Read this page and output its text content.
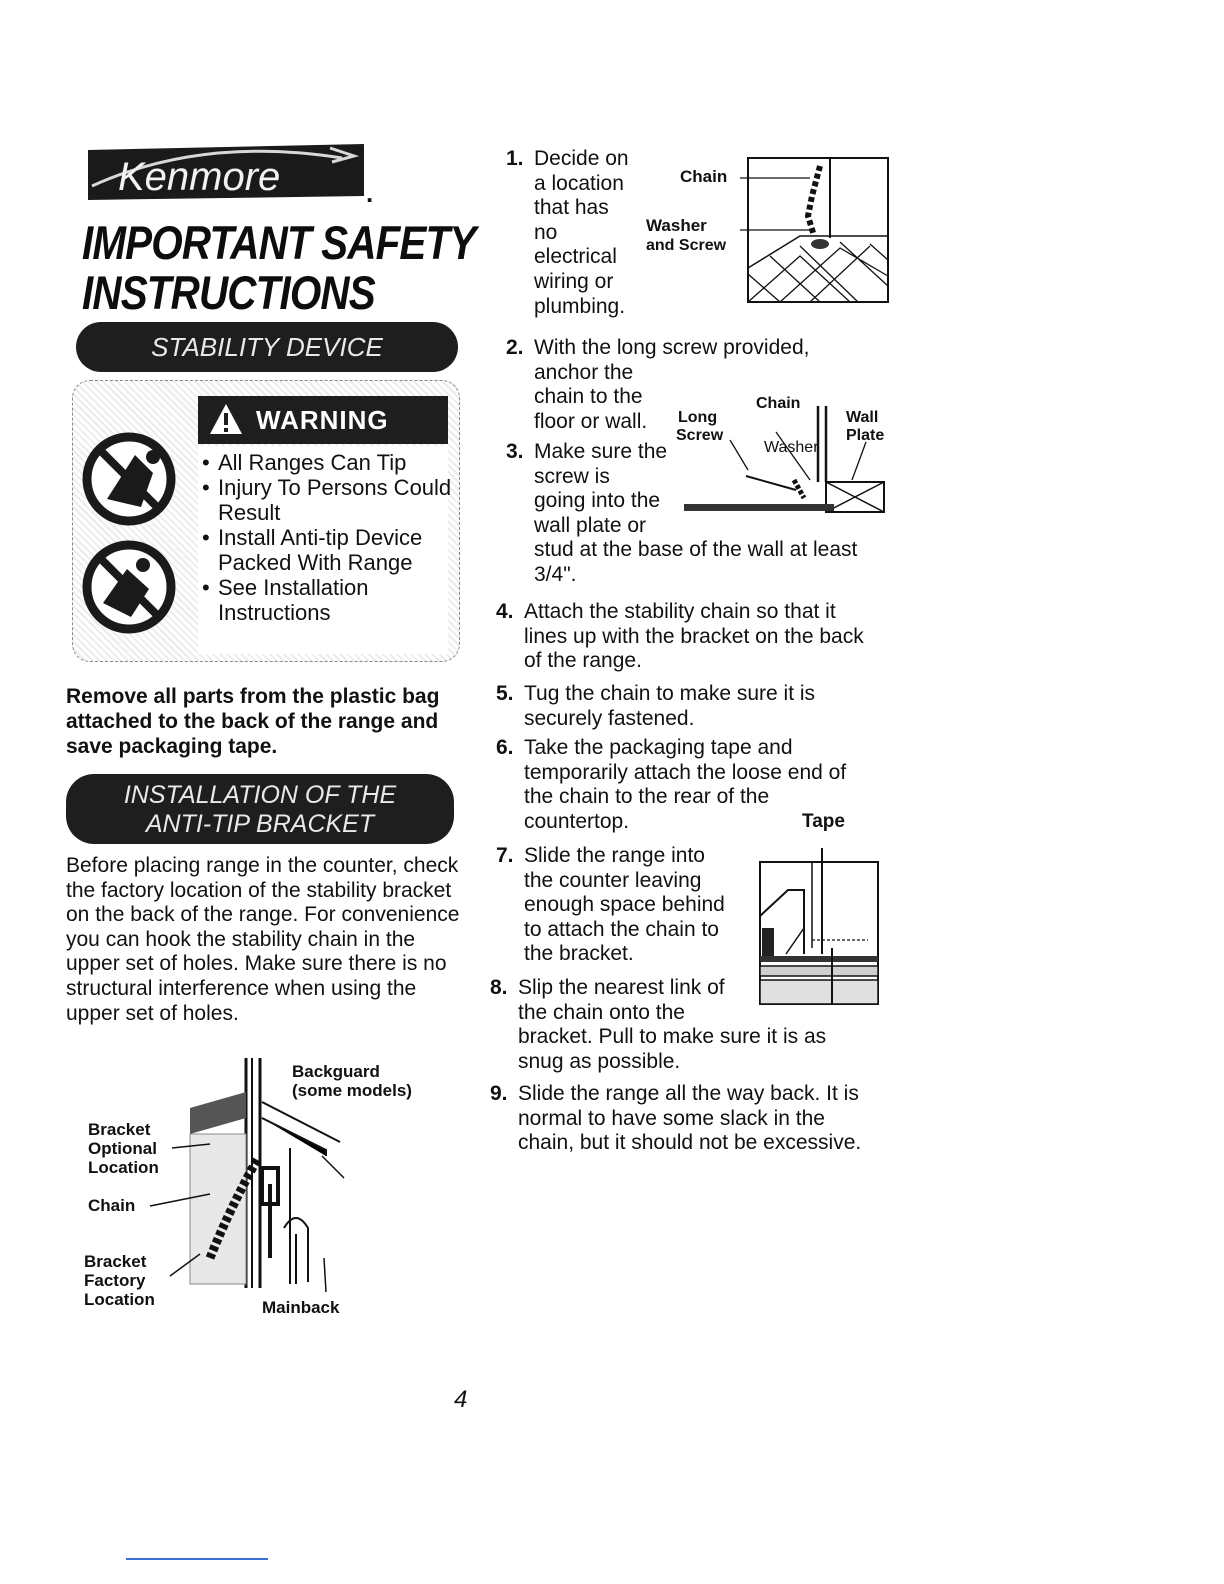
Kenmore	.
IMPORTANT SAFETY
INSTRUCTIONS
STABILITY DEVICE
WARNING
• All Ranges Can Tip
• Injury To Persons Could Result
• Install Anti-tip Device Packed With Range
• See Installation Instructions
Remove all parts from the plastic bag attached to the back of the range and save packaging tape.
INSTALLATION OF THE
ANTI-TIP BRACKET
Before placing range in the counter, check the factory location of the stability bracket on the back of the range. For convenience you can hook the stability chain in the upper set of holes. Make sure there is no structural interference when using the upper set of holes.
Backguard
(some models)
Bracket
Optional
Location
Chain
Bracket
Factory
Location	Mainback
1. Decide on
a location
that has
no
electrical
wiring or
plumbing.
Chain
Washer
and Screw
2. With the long screw provided,
anchor the
chain to the
floor or wall.
Chain
Long
Screw
Washer
Wall
Plate
3. Make sure the
screw is
going into the
wall plate or
stud at the base of the wall at least
3/4".
4. Attach the stability chain so that it
lines up with the bracket on the back
of the range.
5. Tug the chain to make sure it is
securely fastened.
6. Take the packaging tape and
temporarily attach the loose end of
the chain to the rear of the
countertop.	Tape
7. Slide the range into
the counter leaving
enough space behind
to attach the chain to
the bracket.
8. Slip the nearest link of
the chain onto the
bracket. Pull to make sure it is as
snug as possible.
9. Slide the range all the way back. It is
normal to have some slack in the
chain, but it should not be excessive.
4
